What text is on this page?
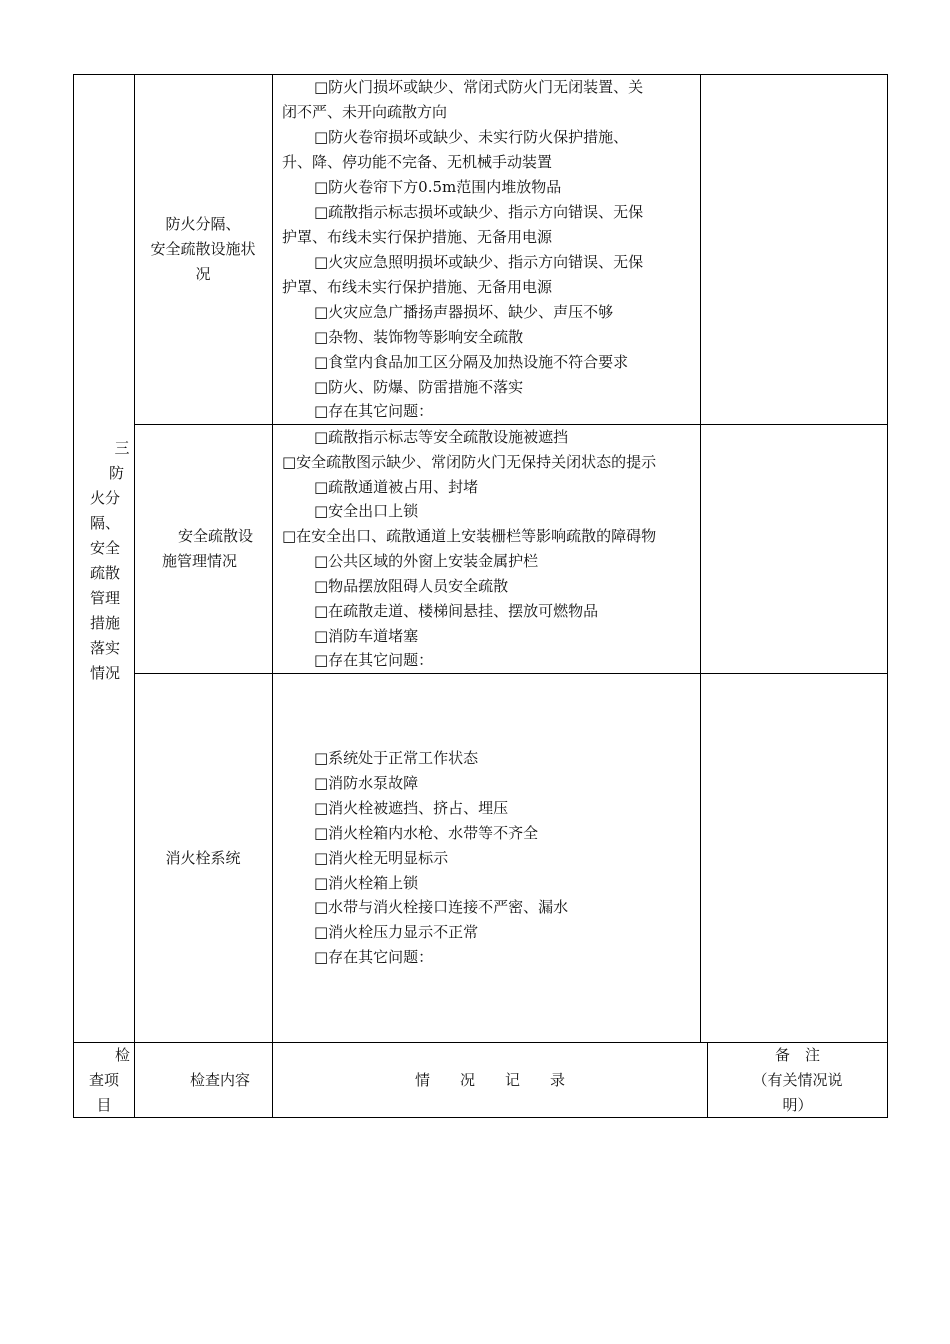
三
防
火分
隔、
安全
疏散
管理
措施
落实
情况
防火分隔、
安全疏散设施状
况
□防火门损坏或缺少、常闭式防火门无闭装置、关
闭不严、未开向疏散方向
□防火卷帘损坏或缺少、未实行防火保护措施、
升、降、停功能不完备、无机械手动装置
□防火卷帘下方0.5m范围内堆放物品
□疏散指示标志损坏或缺少、指示方向错误、无保
护罩、布线未实行保护措施、无备用电源
□火灾应急照明损坏或缺少、指示方向错误、无保
护罩、布线未实行保护措施、无备用电源
□火灾应急广播扬声器损坏、缺少、声压不够
□杂物、装饰物等影响安全疏散
□食堂内食品加工区分隔及加热设施不符合要求
□防火、防爆、防雷措施不落实
□存在其它问题：
安全疏散设
施管理情况
□疏散指示标志等安全疏散设施被遮挡
□安全疏散图示缺少、常闭防火门无保持关闭状态的提示
□疏散通道被占用、封堵
□安全出口上锁
□在安全出口、疏散通道上安装栅栏等影响疏散的障碍物
□公共区域的外窗上安装金属护栏
□物品摆放阻碍人员安全疏散
□在疏散走道、楼梯间悬挂、摆放可燃物品
□消防车道堵塞
□存在其它问题：
消火栓系统
□系统处于正常工作状态
□消防水泵故障
□消火栓被遮挡、挤占、埋压
□消火栓箱内水枪、水带等不齐全
□消火栓无明显标示
□消火栓箱上锁
□水带与消火栓接口连接不严密、漏水
□消火栓压力显示不正常
□存在其它问题：
检
查项
目
检查内容	情　　况　　记　　录
备　注
（有关情况说
明）
